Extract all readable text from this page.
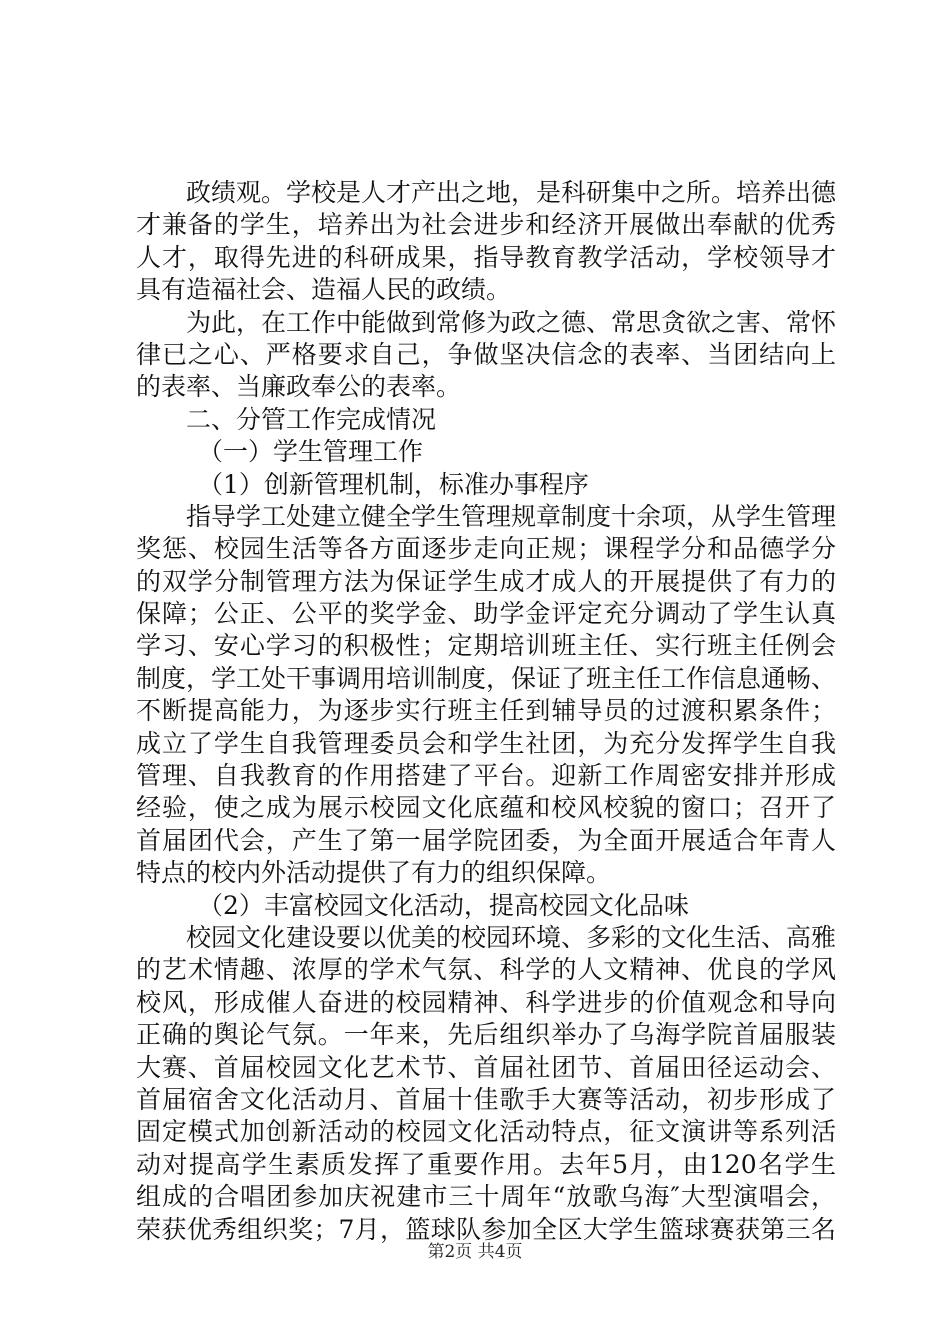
政绩观。学校是人才产出之地，是科研集中之所。培养出德
才兼备的学生，培养出为社会进步和经济开展做出奉献的优秀
人才，取得先进的科研成果，指导教育教学活动，学校领导才
具有造福社会、造福人民的政绩。
为此，在工作中能做到常修为政之德、常思贪欲之害、常怀
律已之心、严格要求自己，争做坚决信念的表率、当团结向上
的表率、当廉政奉公的表率。
二、分管工作完成情况
（一）学生管理工作
（1）创新管理机制，标准办事程序
指导学工处建立健全学生管理规章制度十余项，从学生管理
奖惩、校园生活等各方面逐步走向正规；课程学分和品德学分
的双学分制管理方法为保证学生成才成人的开展提供了有力的
保障；公正、公平的奖学金、助学金评定充分调动了学生认真
学习、安心学习的积极性；定期培训班主任、实行班主任例会
制度，学工处干事调用培训制度，保证了班主任工作信息通畅、
不断提高能力，为逐步实行班主任到辅导员的过渡积累条件；
成立了学生自我管理委员会和学生社团，为充分发挥学生自我
管理、自我教育的作用搭建了平台。迎新工作周密安排并形成
经验，使之成为展示校园文化底蕴和校风校貌的窗口；召开了
首届团代会，产生了第一届学院团委，为全面开展适合年青人
特点的校内外活动提供了有力的组织保障。
（2）丰富校园文化活动，提高校园文化品味
校园文化建设要以优美的校园环境、多彩的文化生活、高雅
的艺术情趣、浓厚的学术气氛、科学的人文精神、优良的学风
校风，形成催人奋进的校园精神、科学进步的价值观念和导向
正确的舆论气氛。一年来，先后组织举办了乌海学院首届服装
大赛、首届校园文化艺术节、首届社团节、首届田径运动会、
首届宿舍文化活动月、首届十佳歌手大赛等活动，初步形成了
固定模式加创新活动的校园文化活动特点，征文演讲等系列活
动对提高学生素质发挥了重要作用。去年5月，由120名学生
组成的合唱团参加庆祝建市三十周年“放歌乌海″大型演唱会，
荣获优秀组织奖；7月，篮球队参加全区大学生篮球赛获第三名
第2页 共4页
